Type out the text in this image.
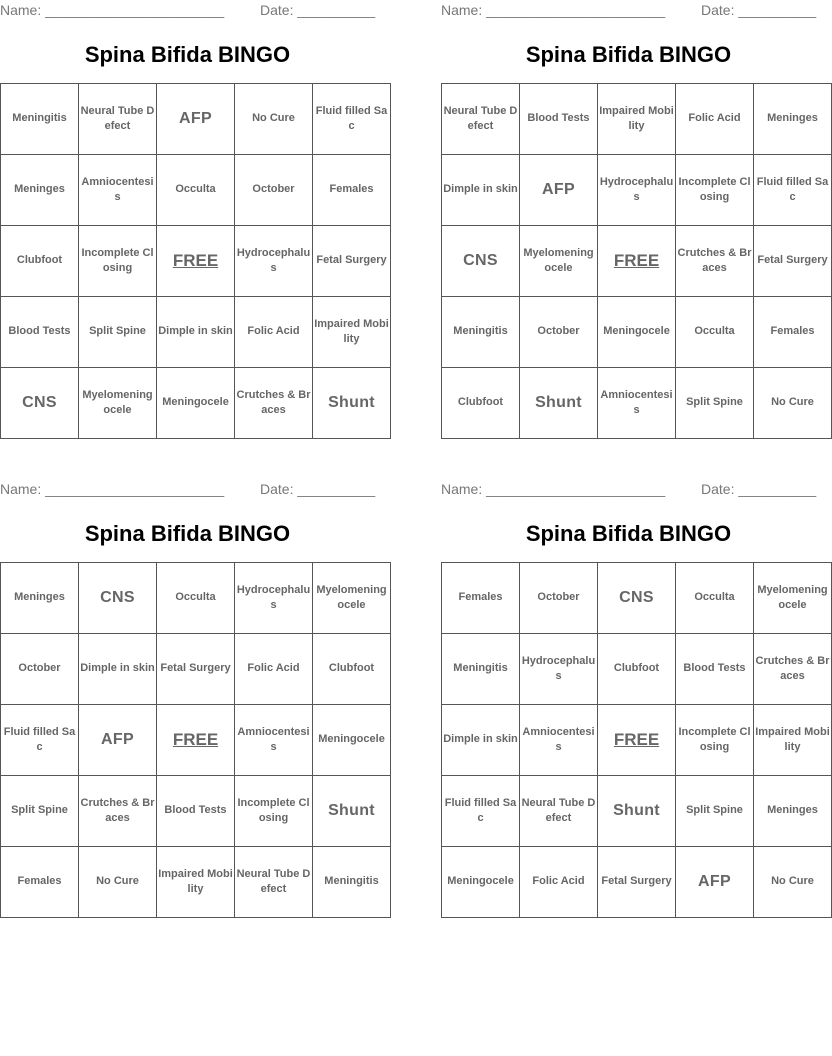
Name: _______________________	Date: __________
Spina Bifida BINGO
Meningitis	Neural Tube Defect	AFP	No Cure	Fluid filled Sac
Meninges	Amniocentesis	Occulta	October	Females
Clubfoot	Incomplete Closing	FREE	Hydrocephalus	Fetal Surgery
Blood Tests	Split Spine	Dimple in skin	Folic Acid	Impaired Mobility
CNS	Myelomeningocele	Meningocele	Crutches & Braces	Shunt
Name: _______________________	Date: __________
Spina Bifida BINGO
Neural Tube Defect	Blood Tests	Impaired Mobility	Folic Acid	Meninges
Dimple in skin	AFP	Hydrocephalus	Incomplete Closing	Fluid filled Sac
CNS	Myelomeningocele	FREE	Crutches & Braces	Fetal Surgery
Meningitis	October	Meningocele	Occulta	Females
Clubfoot	Shunt	Amniocentesis	Split Spine	No Cure
Name: _______________________	Date: __________
Spina Bifida BINGO
Meninges	CNS	Occulta	Hydrocephalus	Myelomeningocele
October	Dimple in skin	Fetal Surgery	Folic Acid	Clubfoot
Fluid filled Sac	AFP	FREE	Amniocentesis	Meningocele
Split Spine	Crutches & Braces	Blood Tests	Incomplete Closing	Shunt
Females	No Cure	Impaired Mobility	Neural Tube Defect	Meningitis
Name: _______________________	Date: __________
Spina Bifida BINGO
Females	October	CNS	Occulta	Myelomeningocele
Meningitis	Hydrocephalus	Clubfoot	Blood Tests	Crutches & Braces
Dimple in skin	Amniocentesis	FREE	Incomplete Closing	Impaired Mobility
Fluid filled Sac	Neural Tube Defect	Shunt	Split Spine	Meninges
Meningocele	Folic Acid	Fetal Surgery	AFP	No Cure
